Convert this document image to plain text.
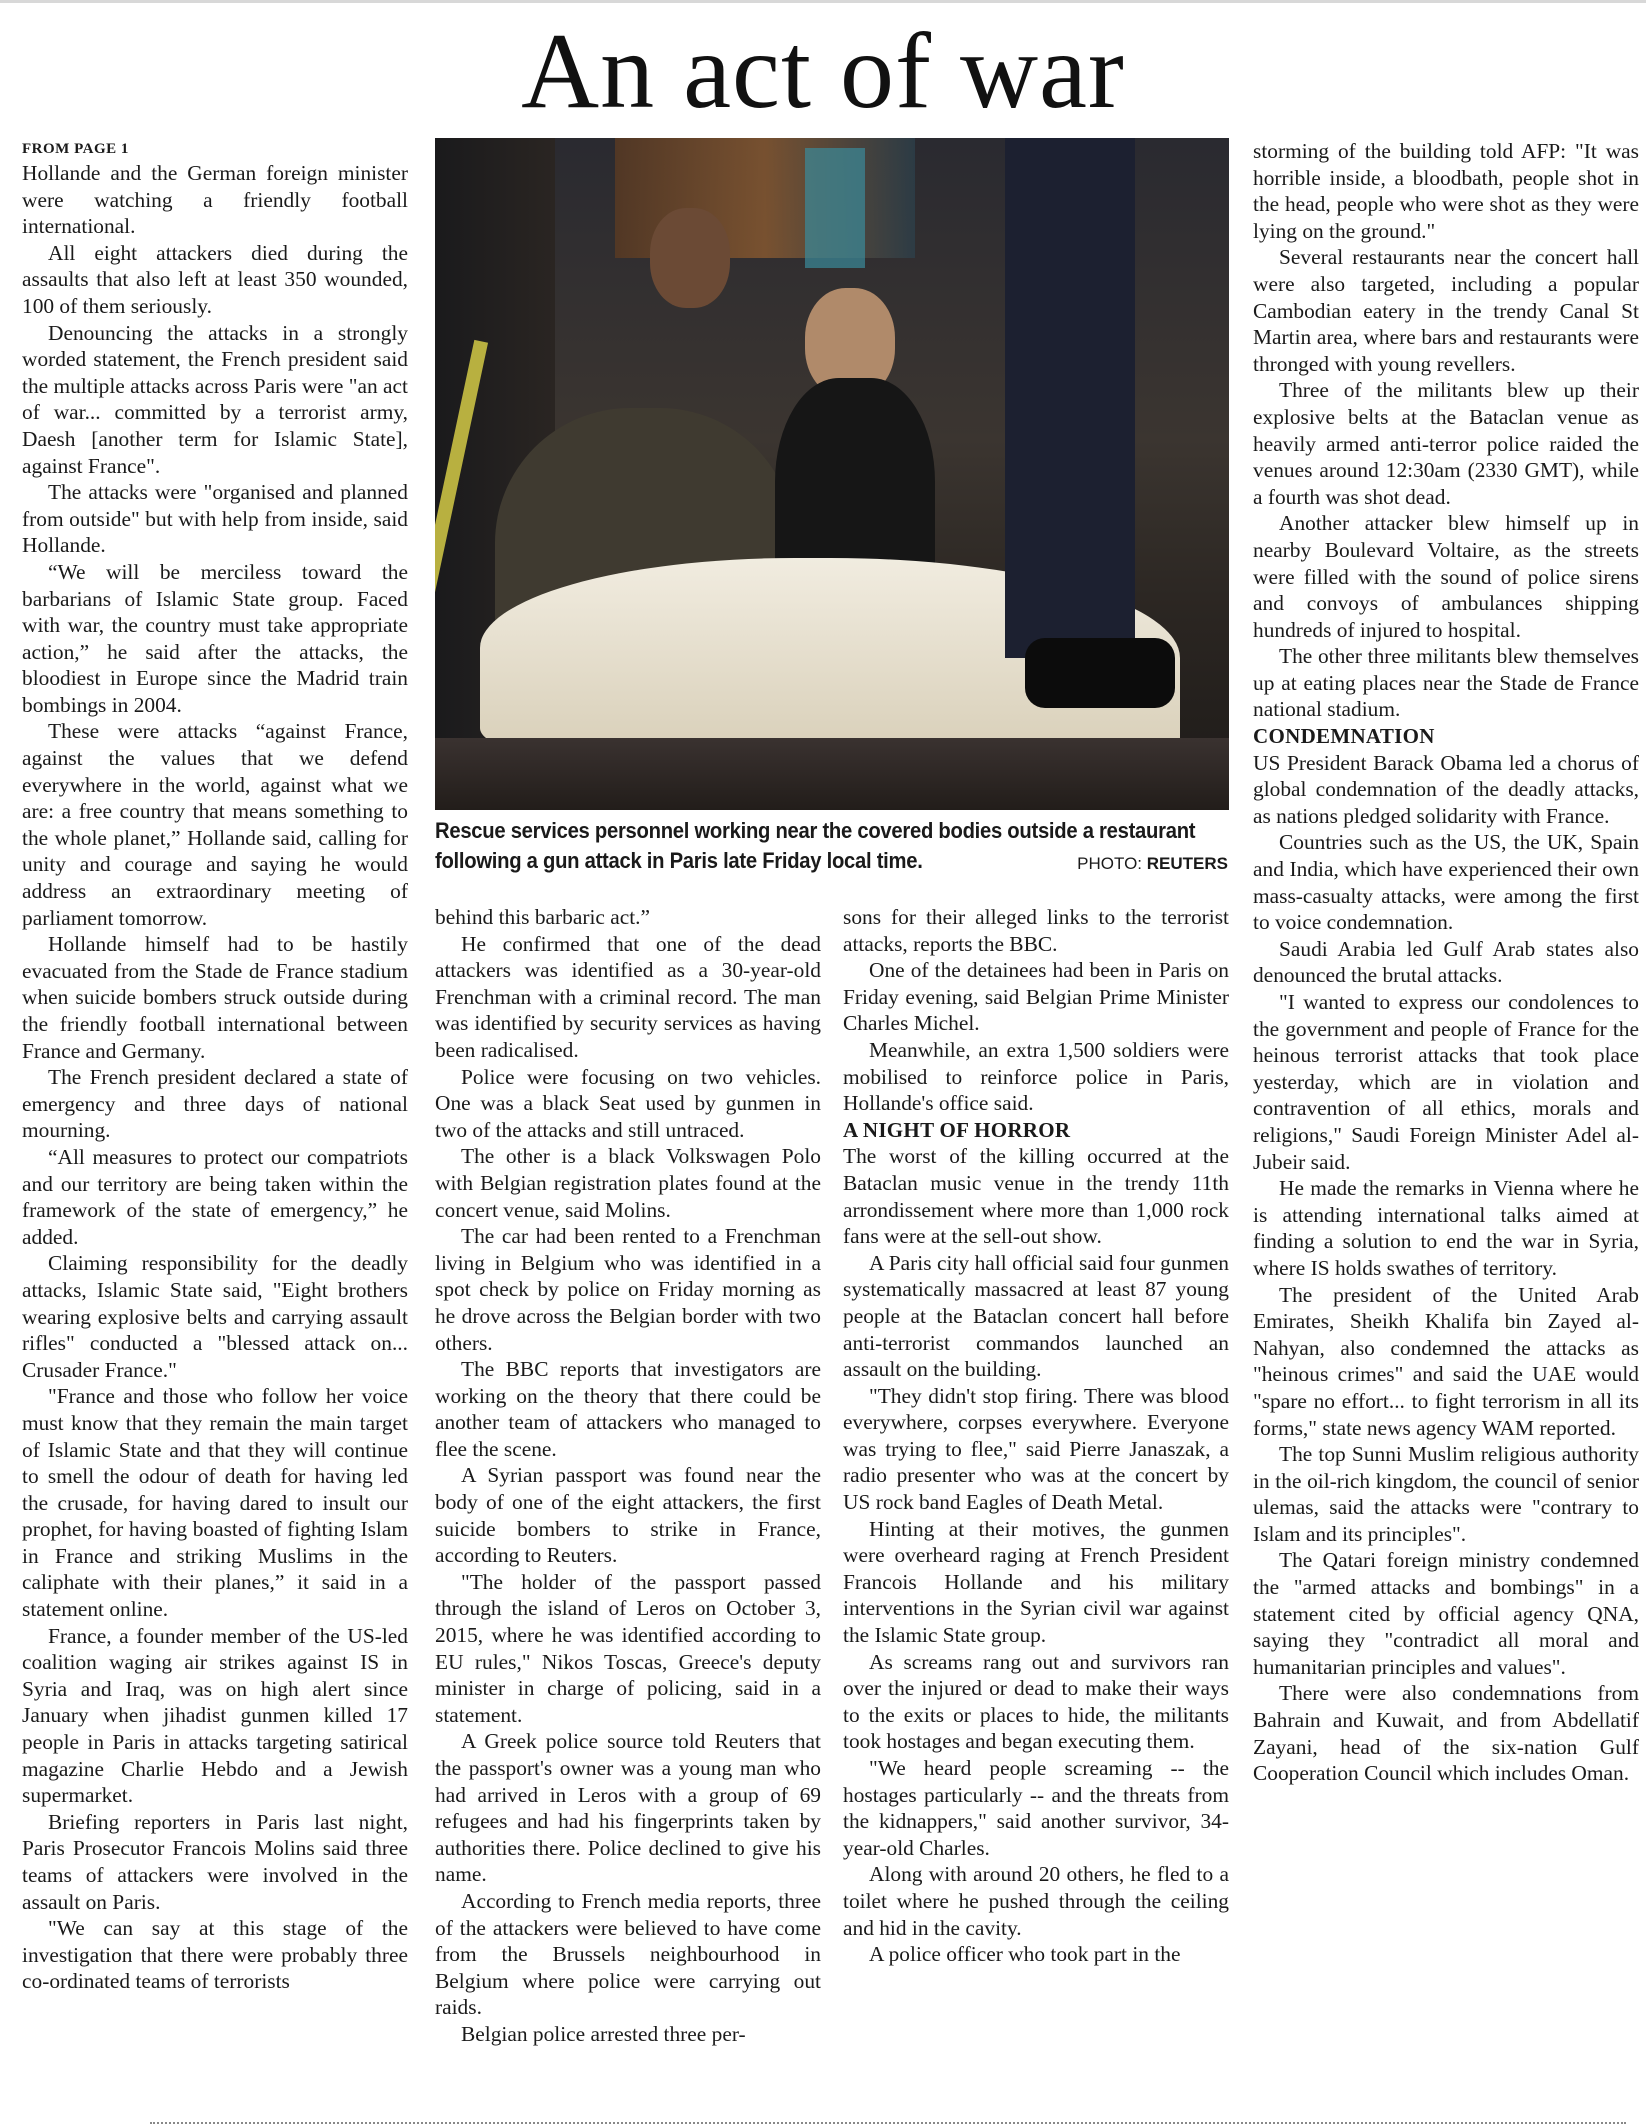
An act of war
FROM PAGE 1

Hollande and the German foreign minister were watching a friendly football international.

All eight attackers died during the assaults that also left at least 350 wounded, 100 of them seriously.

Denouncing the attacks in a strongly worded statement, the French president said the multiple attacks across Paris were "an act of war... committed by a terrorist army, Daesh [another term for Islamic State], against France".

The attacks were "organised and planned from outside" but with help from inside, said Hollande.

“We will be merciless toward the barbarians of Islamic State group. Faced with war, the country must take appropriate action,” he said after the attacks, the bloodiest in Europe since the Madrid train bombings in 2004.

These were attacks “against France, against the values that we defend everywhere in the world, against what we are: a free country that means something to the whole planet,” Hollande said, calling for unity and courage and saying he would address an extraordinary meeting of parliament tomorrow.

Hollande himself had to be hastily evacuated from the Stade de France stadium when suicide bombers struck outside during the friendly football international between France and Germany.

The French president declared a state of emergency and three days of national mourning.

“All measures to protect our compatriots and our territory are being taken within the framework of the state of emergency,” he added.

Claiming responsibility for the deadly attacks, Islamic State said, "Eight brothers wearing explosive belts and carrying assault rifles" conducted a "blessed attack on... Crusader France."

"France and those who follow her voice must know that they remain the main target of Islamic State and that they will continue to smell the odour of death for having led the crusade, for having dared to insult our prophet, for having boasted of fighting Islam in France and striking Muslims in the caliphate with their planes,” it said in a statement online.

France, a founder member of the US-led coalition waging air strikes against IS in Syria and Iraq, was on high alert since January when jihadist gunmen killed 17 people in Paris in attacks targeting satirical magazine Charlie Hebdo and a Jewish supermarket.

Briefing reporters in Paris last night, Paris Prosecutor Francois Molins said three teams of attackers were involved in the assault on Paris.

"We can say at this stage of the investigation that there were probably three co-ordinated teams of terrorists

Rescue services personnel working near the covered bodies outside a restaurant following a gun attack in Paris late Friday local time.	PHOTO: REUTERS

behind this barbaric act.”

He confirmed that one of the dead attackers was identified as a 30-year-old Frenchman with a criminal record. The man was identified by security services as having been radicalised.

Police were focusing on two vehicles. One was a black Seat used by gunmen in two of the attacks and still untraced.

The other is a black Volkswagen Polo with Belgian registration plates found at the concert venue, said Molins.

The car had been rented to a Frenchman living in Belgium who was identified in a spot check by police on Friday morning as he drove across the Belgian border with two others.

The BBC reports that investigators are working on the theory that there could be another team of attackers who managed to flee the scene.

A Syrian passport was found near the body of one of the eight attackers, the first suicide bombers to strike in France, according to Reuters.

"The holder of the passport passed through the island of Leros on October 3, 2015, where he was identified according to EU rules," Nikos Toscas, Greece's deputy minister in charge of policing, said in a statement.

A Greek police source told Reuters that the passport's owner was a young man who had arrived in Leros with a group of 69 refugees and had his fingerprints taken by authorities there. Police declined to give his name.

According to French media reports, three of the attackers were believed to have come from the Brussels neighbourhood in Belgium where police were carrying out raids.

Belgian police arrested three per-

sons for their alleged links to the terrorist attacks, reports the BBC.

One of the detainees had been in Paris on Friday evening, said Belgian Prime Minister Charles Michel.

Meanwhile, an extra 1,500 soldiers were mobilised to reinforce police in Paris, Hollande's office said.

A NIGHT OF HORROR

The worst of the killing occurred at the Bataclan music venue in the trendy 11th arrondissement where more than 1,000 rock fans were at the sell-out show.

A Paris city hall official said four gunmen systematically massacred at least 87 young people at the Bataclan concert hall before anti-terrorist commandos launched an assault on the building.

"They didn't stop firing. There was blood everywhere, corpses everywhere. Everyone was trying to flee," said Pierre Janaszak, a radio presenter who was at the concert by US rock band Eagles of Death Metal.

Hinting at their motives, the gunmen were overheard raging at French President Francois Hollande and his military interventions in the Syrian civil war against the Islamic State group.

As screams rang out and survivors ran over the injured or dead to make their ways to the exits or places to hide, the militants took hostages and began executing them.

"We heard people screaming -- the hostages particularly -- and the threats from the kidnappers," said another survivor, 34-year-old Charles.

Along with around 20 others, he fled to a toilet where he pushed through the ceiling and hid in the cavity.

A police officer who took part in the

storming of the building told AFP: "It was horrible inside, a bloodbath, people shot in the head, people who were shot as they were lying on the ground."

Several restaurants near the concert hall were also targeted, including a popular Cambodian eatery in the trendy Canal St Martin area, where bars and restaurants were thronged with young revellers.

Three of the militants blew up their explosive belts at the Bataclan venue as heavily armed anti-terror police raided the venues around 12:30am (2330 GMT), while a fourth was shot dead.

Another attacker blew himself up in nearby Boulevard Voltaire, as the streets were filled with the sound of police sirens and convoys of ambulances shipping hundreds of injured to hospital.

The other three militants blew themselves up at eating places near the Stade de France national stadium.

CONDEMNATION

US President Barack Obama led a chorus of global condemnation of the deadly attacks, as nations pledged solidarity with France.

Countries such as the US, the UK, Spain and India, which have experienced their own mass-casualty attacks, were among the first to voice condemnation.

Saudi Arabia led Gulf Arab states also denounced the brutal attacks.

"I wanted to express our condolences to the government and people of France for the heinous terrorist attacks that took place yesterday, which are in violation and contravention of all ethics, morals and religions," Saudi Foreign Minister Adel al-Jubeir said.

He made the remarks in Vienna where he is attending international talks aimed at finding a solution to end the war in Syria, where IS holds swathes of territory.

The president of the United Arab Emirates, Sheikh Khalifa bin Zayed al-Nahyan, also condemned the attacks as "heinous crimes" and said the UAE would "spare no effort... to fight terrorism in all its forms," state news agency WAM reported.

The top Sunni Muslim religious authority in the oil-rich kingdom, the council of senior ulemas, said the attacks were "contrary to Islam and its principles".

The Qatari foreign ministry condemned the "armed attacks and bombings" in a statement cited by official agency QNA, saying they "contradict all moral and humanitarian principles and values".

There were also condemnations from Bahrain and Kuwait, and from Abdellatif Zayani, head of the six-nation Gulf Cooperation Council which includes Oman.
